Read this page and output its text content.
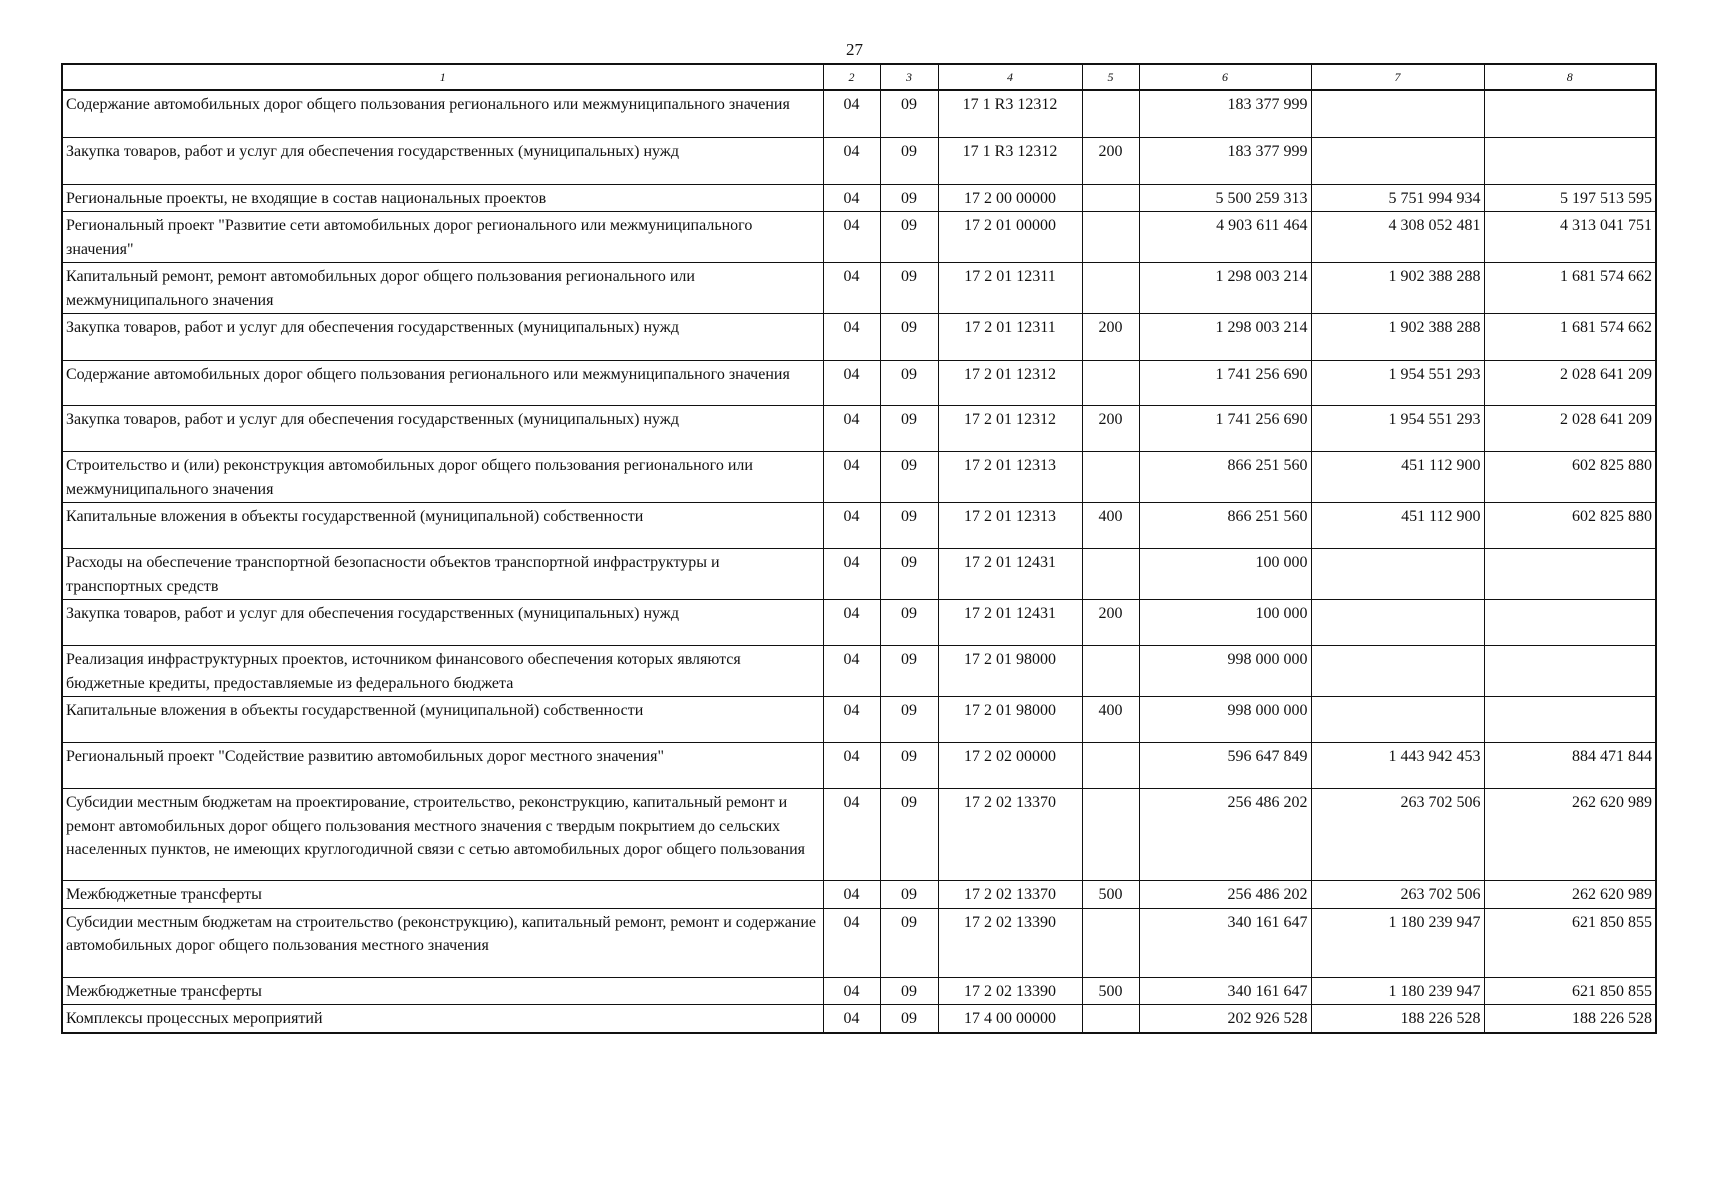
27
1	2	3	4	5	6	7	8
Содержание автомобильных дорог общего пользования регионального или межмуниципального значения	04	09	17 1 R3 12312		183 377 999		
Закупка товаров, работ и услуг для обеспечения государственных (муниципальных) нужд	04	09	17 1 R3 12312	200	183 377 999		
Региональные проекты, не входящие в состав национальных проектов	04	09	17 2 00 00000		5 500 259 313	5 751 994 934	5 197 513 595
Региональный проект "Развитие сети автомобильных дорог регионального или межмуниципального значения"	04	09	17 2 01 00000		4 903 611 464	4 308 052 481	4 313 041 751
Капитальный ремонт, ремонт автомобильных дорог общего пользования регионального или межмуниципального значения	04	09	17 2 01 12311		1 298 003 214	1 902 388 288	1 681 574 662
Закупка товаров, работ и услуг для обеспечения государственных (муниципальных) нужд	04	09	17 2 01 12311	200	1 298 003 214	1 902 388 288	1 681 574 662
Содержание автомобильных дорог общего пользования регионального или межмуниципального значения	04	09	17 2 01 12312		1 741 256 690	1 954 551 293	2 028 641 209
Закупка товаров, работ и услуг для обеспечения государственных (муниципальных) нужд	04	09	17 2 01 12312	200	1 741 256 690	1 954 551 293	2 028 641 209
Строительство и (или) реконструкция автомобильных дорог общего пользования регионального или межмуниципального значения	04	09	17 2 01 12313		866 251 560	451 112 900	602 825 880
Капитальные вложения в объекты государственной (муниципальной) собственности	04	09	17 2 01 12313	400	866 251 560	451 112 900	602 825 880
Расходы на обеспечение транспортной безопасности объектов транспортной инфраструктуры и транспортных средств	04	09	17 2 01 12431		100 000		
Закупка товаров, работ и услуг для обеспечения государственных (муниципальных) нужд	04	09	17 2 01 12431	200	100 000		
Реализация инфраструктурных проектов, источником финансового обеспечения которых являются бюджетные кредиты, предоставляемые из федерального бюджета	04	09	17 2 01 98000		998 000 000		
Капитальные вложения в объекты государственной (муниципальной) собственности	04	09	17 2 01 98000	400	998 000 000		
Региональный проект "Содействие развитию автомобильных дорог местного значения"	04	09	17 2 02 00000		596 647 849	1 443 942 453	884 471 844
Субсидии местным бюджетам на проектирование, строительство, реконструкцию, капитальный ремонт и ремонт автомобильных дорог общего пользования местного значения с твердым покрытием до сельских населенных пунктов, не имеющих круглогодичной связи с сетью автомобильных дорог общего пользования	04	09	17 2 02 13370		256 486 202	263 702 506	262 620 989
Межбюджетные трансферты	04	09	17 2 02 13370	500	256 486 202	263 702 506	262 620 989
Субсидии местным бюджетам на строительство (реконструкцию), капитальный ремонт, ремонт и содержание автомобильных дорог общего пользования местного значения	04	09	17 2 02 13390		340 161 647	1 180 239 947	621 850 855
Межбюджетные трансферты	04	09	17 2 02 13390	500	340 161 647	1 180 239 947	621 850 855
Комплексы процессных мероприятий	04	09	17 4 00 00000		202 926 528	188 226 528	188 226 528
